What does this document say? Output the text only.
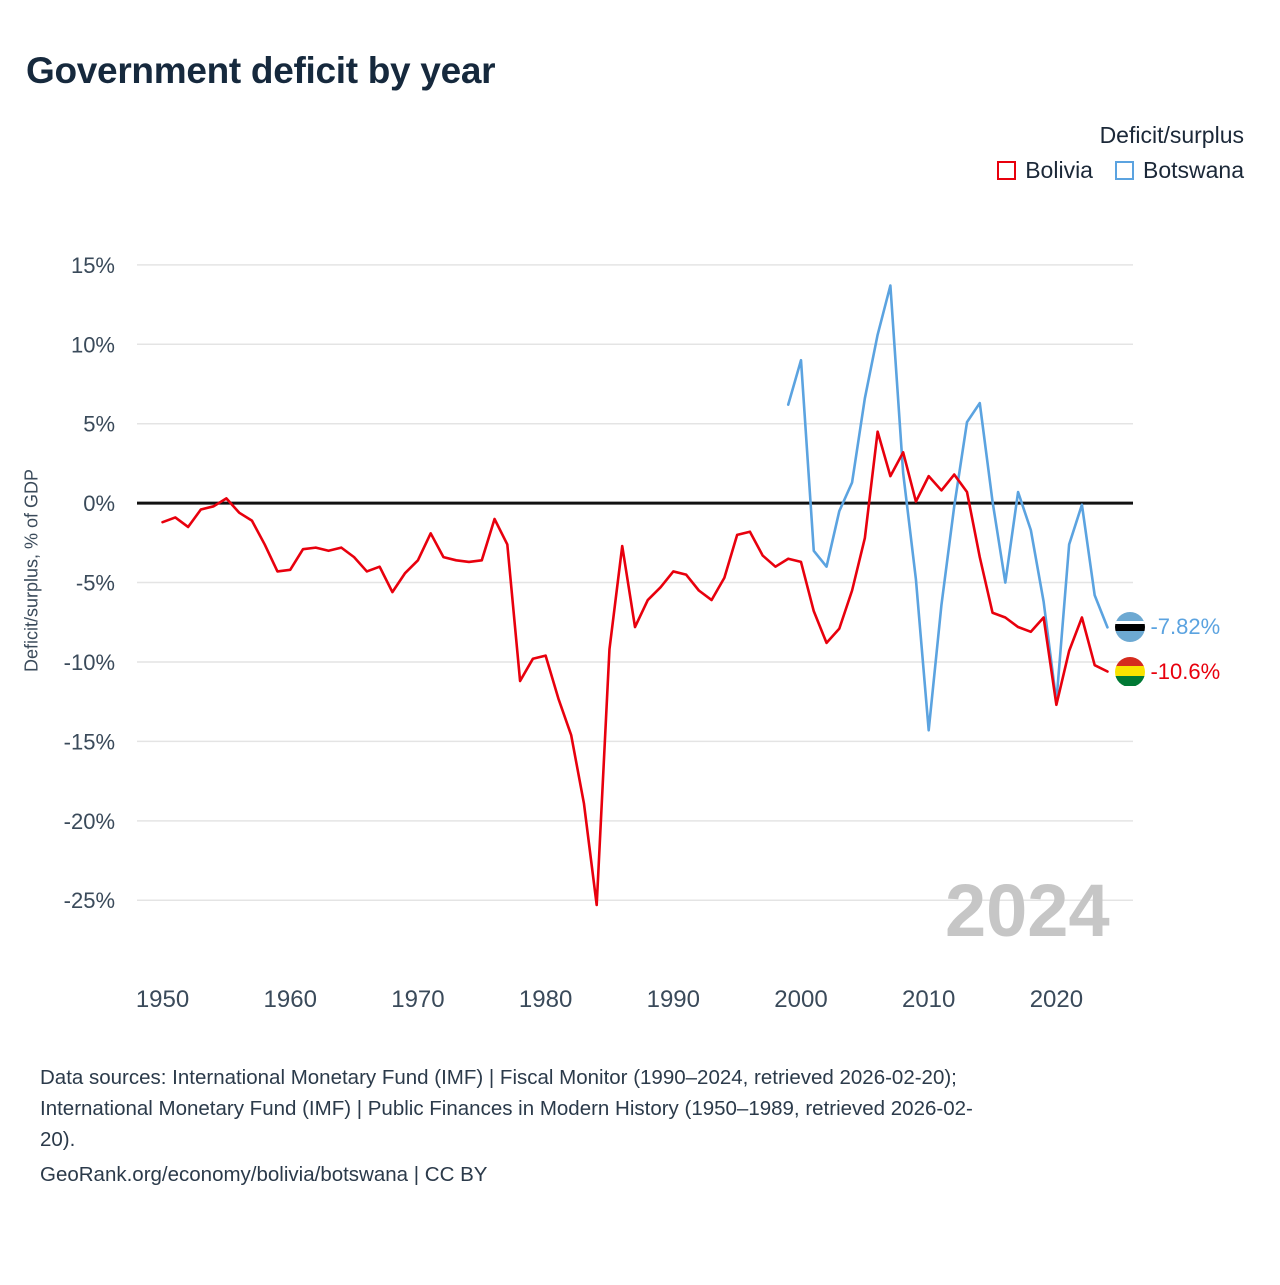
Government deficit by year
Deficit/surplus
Bolivia Botswana
15%
10%
5%
0%
-5%
-10%
-15%
-20%
-25%
1950	1960	1970	1980	1990	2000	2010	2020
Deficit/surplus, % of GDP
2024
-7.82%
-10.6%
Data sources: International Monetary Fund (IMF) | Fiscal Monitor (1990–2024, retrieved 2026-02-20);
International Monetary Fund (IMF) | Public Finances in Modern History (1950–1989, retrieved 2026-02-
20).
GeoRank.org/economy/bolivia/botswana | CC BY
